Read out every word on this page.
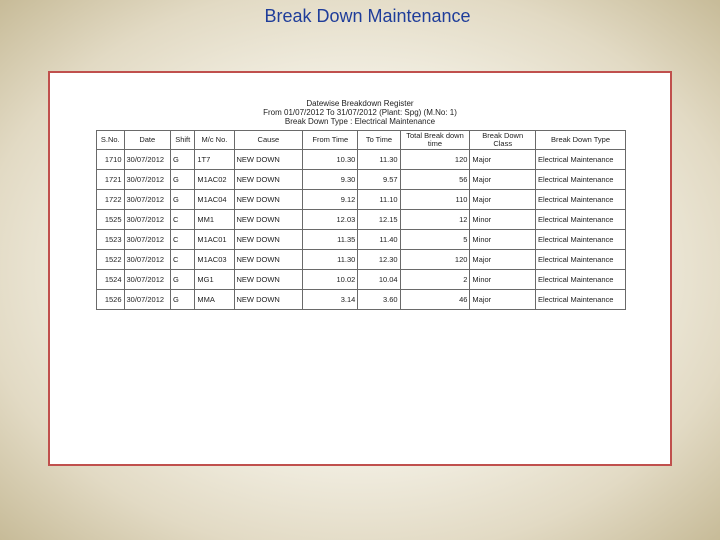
Break Down Maintenance
Datewise Breakdown Register
From 01/07/2012 To 31/07/2012 (Plant: Spg) (M.No: 1)
Break Down Type : Electrical Maintenance
S.No.	Date	Shift	M/c No.	Cause	From Time	To Time	Total Break down time	Break Down Class	Break Down Type
1710	30/07/2012	G	1T7	NEW DOWN	10.30	11.30	120	Major	Electrical Maintenance
1721	30/07/2012	G	M1AC02	NEW DOWN	9.30	9.57	56	Major	Electrical Maintenance
1722	30/07/2012	G	M1AC04	NEW DOWN	9.12	11.10	110	Major	Electrical Maintenance
1525	30/07/2012	C	MM1	NEW DOWN	12.03	12.15	12	Minor	Electrical Maintenance
1523	30/07/2012	C	M1AC01	NEW DOWN	11.35	11.40	5	Minor	Electrical Maintenance
1522	30/07/2012	C	M1AC03	NEW DOWN	11.30	12.30	120	Major	Electrical Maintenance
1524	30/07/2012	G	MG1	NEW DOWN	10.02	10.04	2	Minor	Electrical Maintenance
1526	30/07/2012	G	MMA	NEW DOWN	3.14	3.60	46	Major	Electrical Maintenance
